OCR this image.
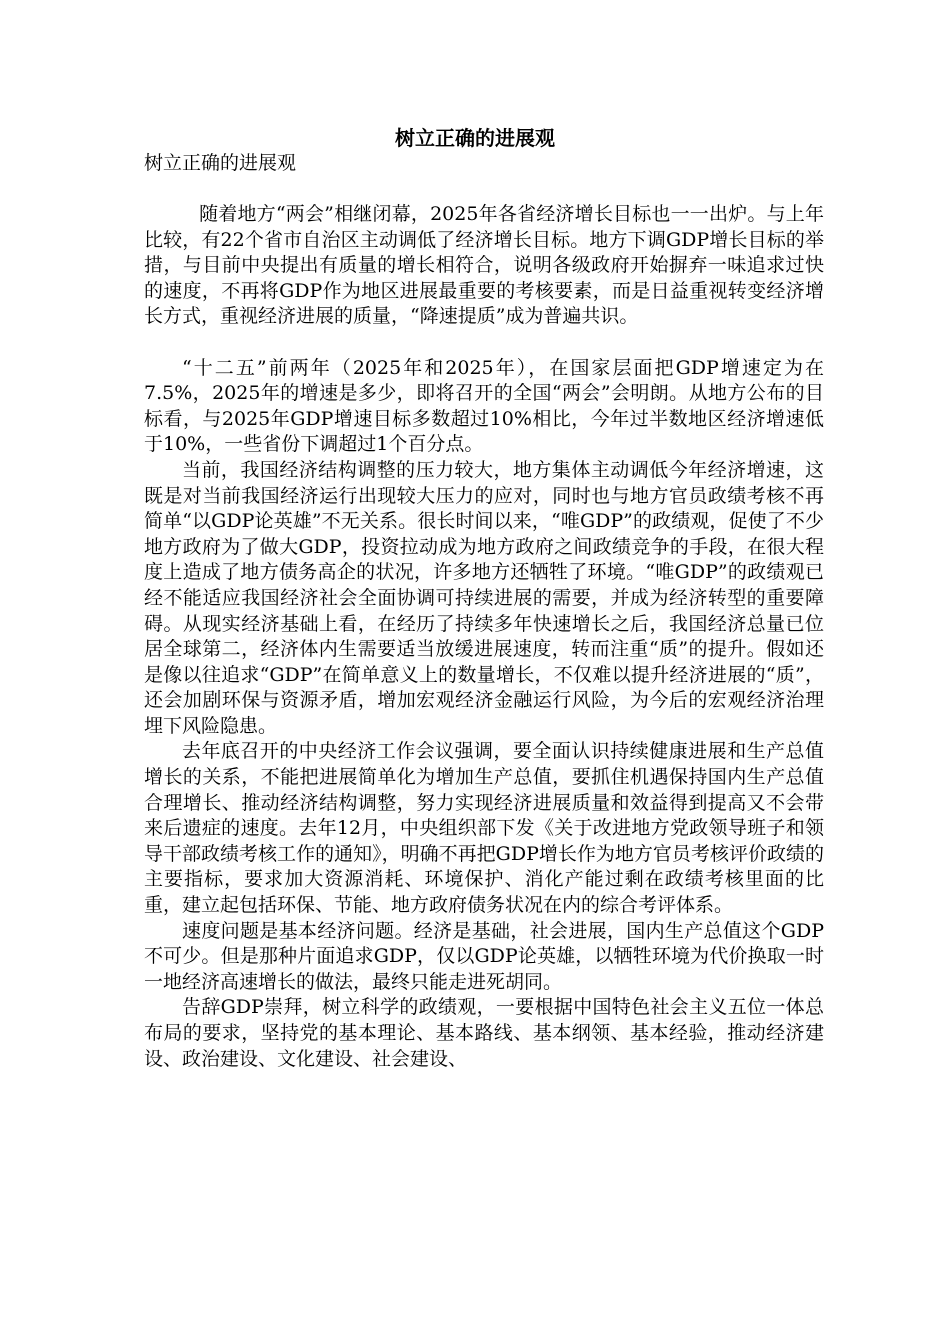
树立正确的进展观
树立正确的进展观

随着地方“两会”相继闭幕，2025年各省经济增长目标也一一出炉。与上年比较，有22个省市自治区主动调低了经济增长目标。地方下调GDP增长目标的举措，与目前中央提出有质量的增长相符合，说明各级政府开始摒弃一味追求过快的速度，不再将GDP作为地区进展最重要的考核要素，而是日益重视转变经济增长方式，重视经济进展的质量，“降速提质”成为普遍共识。

“十二五”前两年（2025年和2025年），在国家层面把GDP增速定为在7.5%，2025年的增速是多少，即将召开的全国“两会”会明朗。从地方公布的目标看，与2025年GDP增速目标多数超过10%相比，今年过半数地区经济增速低于10%，一些省份下调超过1个百分点。

当前，我国经济结构调整的压力较大，地方集体主动调低今年经济增速，这既是对当前我国经济运行出现较大压力的应对，同时也与地方官员政绩考核不再简单“以GDP论英雄”不无关系。很长时间以来，“唯GDP”的政绩观，促使了不少地方政府为了做大GDP，投资拉动成为地方政府之间政绩竞争的手段，在很大程度上造成了地方债务高企的状况，许多地方还牺牲了环境。“唯GDP”的政绩观已经不能适应我国经济社会全面协调可持续进展的需要，并成为经济转型的重要障碍。从现实经济基础上看，在经历了持续多年快速增长之后，我国经济总量已位居全球第二，经济体内生需要适当放缓进展速度，转而注重“质”的提升。假如还是像以往追求“GDP”在简单意义上的数量增长，不仅难以提升经济进展的“质”，还会加剧环保与资源矛盾，增加宏观经济金融运行风险，为今后的宏观经济治理埋下风险隐患。

去年底召开的中央经济工作会议强调，要全面认识持续健康进展和生产总值增长的关系，不能把进展简单化为增加生产总值，要抓住机遇保持国内生产总值合理增长、推动经济结构调整，努力实现经济进展质量和效益得到提高又不会带来后遗症的速度。去年12月，中央组织部下发《关于改进地方党政领导班子和领导干部政绩考核工作的通知》，明确不再把GDP增长作为地方官员考核评价政绩的主要指标，要求加大资源消耗、环境保护、消化产能过剩在政绩考核里面的比重，建立起包括环保、节能、地方政府债务状况在内的综合考评体系。

速度问题是基本经济问题。经济是基础，社会进展，国内生产总值这个GDP不可少。但是那种片面追求GDP，仅以GDP论英雄，以牺牲环境为代价换取一时一地经济高速增长的做法，最终只能走进死胡同。

告辞GDP崇拜，树立科学的政绩观，一要根据中国特色社会主义五位一体总布局的要求，坚持党的基本理论、基本路线、基本纲领、基本经验，推动经济建设、政治建设、文化建设、社会建设、
